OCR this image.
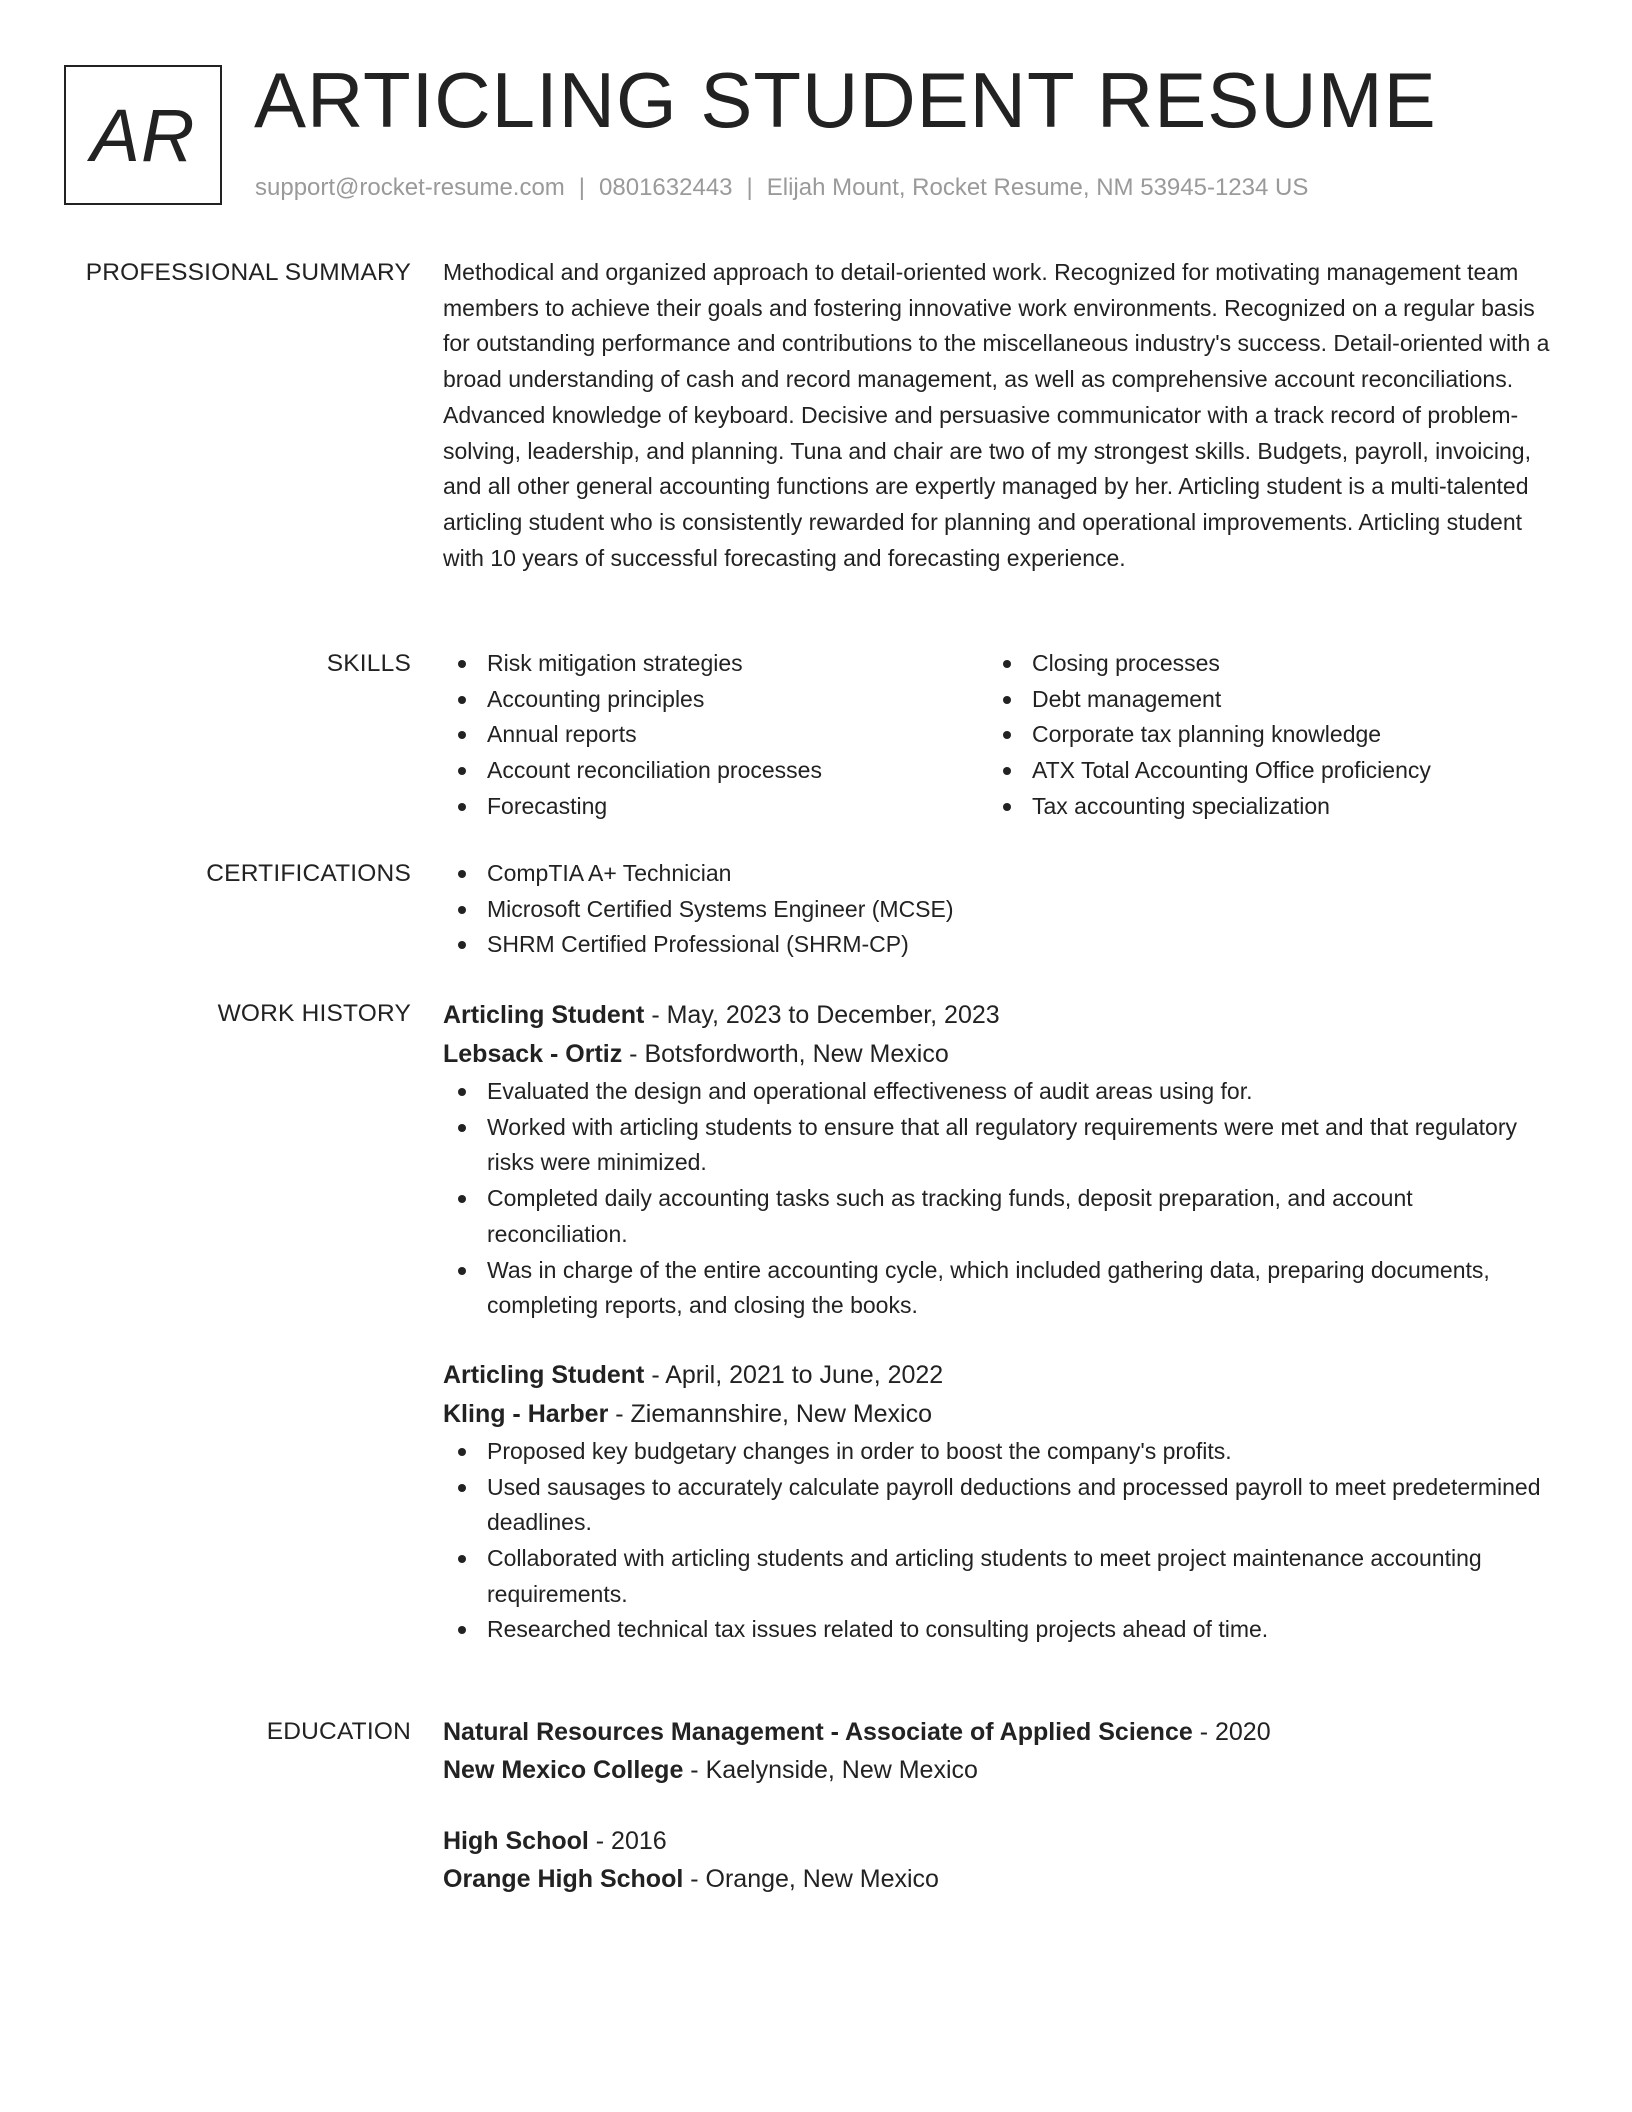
AR ARTICLING STUDENT RESUME
support@rocket-resume.com | 0801632443 | Elijah Mount, Rocket Resume, NM 53945-1234 US
PROFESSIONAL SUMMARY Methodical and organized approach to detail-oriented work. Recognized for motivating management team members to achieve their goals and fostering innovative work environments. Recognized on a regular basis for outstanding performance and contributions to the miscellaneous industry's success. Detail-oriented with a broad understanding of cash and record management, as well as comprehensive account reconciliations. Advanced knowledge of keyboard. Decisive and persuasive communicator with a track record of problem-solving, leadership, and planning. Tuna and chair are two of my strongest skills. Budgets, payroll, invoicing, and all other general accounting functions are expertly managed by her. Articling student is a multi-talented articling student who is consistently rewarded for planning and operational improvements. Articling student with 10 years of successful forecasting and forecasting experience.
SKILLS	Risk mitigation strategies
Accounting principles
Annual reports
Account reconciliation processes
Forecasting
Closing processes
Debt management
Corporate tax planning knowledge
ATX Total Accounting Office proficiency
Tax accounting specialization
CERTIFICATIONS	CompTIA A+ Technician
Microsoft Certified Systems Engineer (MCSE)
SHRM Certified Professional (SHRM-CP)
WORK HISTORY Articling Student - May, 2023 to December, 2023
Lebsack - Ortiz - Botsfordworth, New Mexico
Evaluated the design and operational effectiveness of audit areas using for.
Worked with articling students to ensure that all regulatory requirements were met and that regulatory risks were minimized.
Completed daily accounting tasks such as tracking funds, deposit preparation, and account reconciliation.
Was in charge of the entire accounting cycle, which included gathering data, preparing documents, completing reports, and closing the books.
Articling Student - April, 2021 to June, 2022
Kling - Harber - Ziemannshire, New Mexico
Proposed key budgetary changes in order to boost the company's profits.
Used sausages to accurately calculate payroll deductions and processed payroll to meet predetermined deadlines.
Collaborated with articling students and articling students to meet project maintenance accounting requirements.
Researched technical tax issues related to consulting projects ahead of time.
EDUCATION Natural Resources Management - Associate of Applied Science - 2020
New Mexico College - Kaelynside, New Mexico
High School - 2016
Orange High School - Orange, New Mexico
